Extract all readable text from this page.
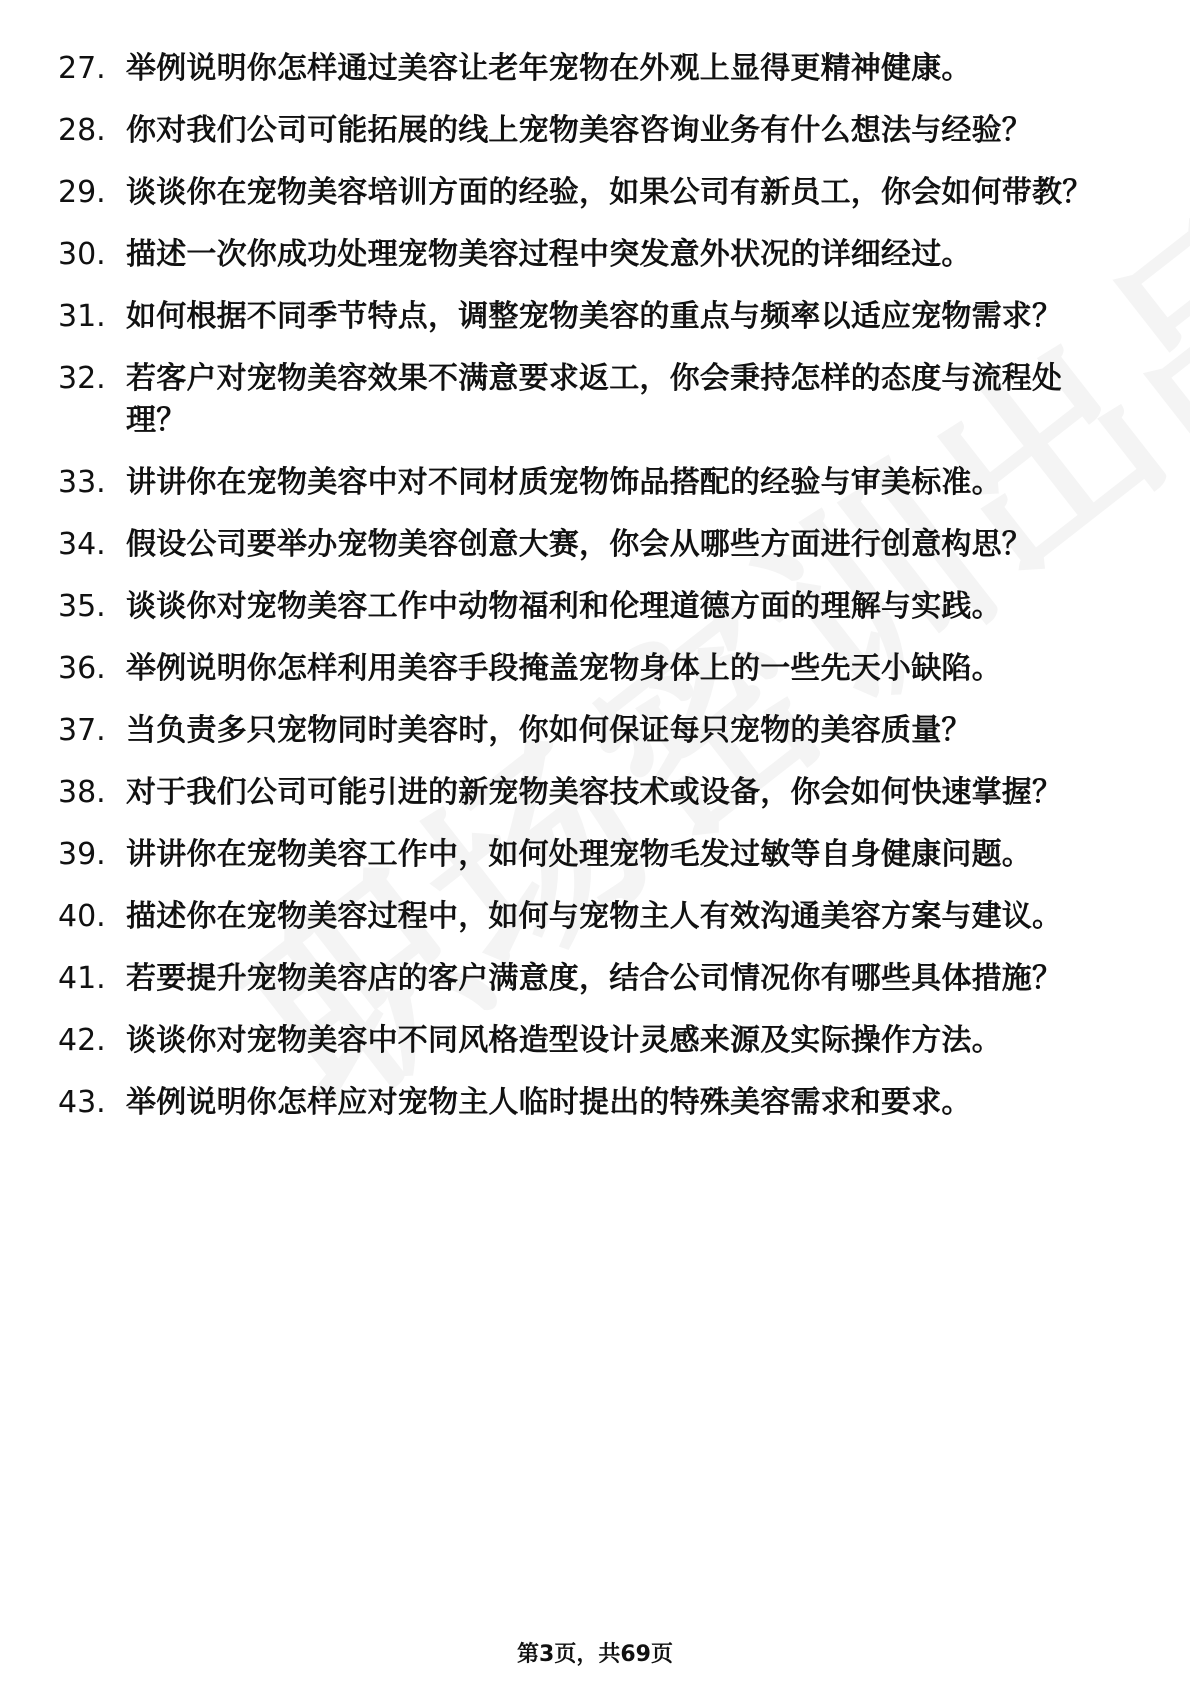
27. 举例说明你怎样通过美容让老年宠物在外观上显得更精神健康。
28. 你对我们公司可能拓展的线上宠物美容咨询业务有什么想法与经验？
29. 谈谈你在宠物美容培训方面的经验，如果公司有新员工，你会如何带教？
30. 描述一次你成功处理宠物美容过程中突发意外状况的详细经过。
31. 如何根据不同季节特点，调整宠物美容的重点与频率以适应宠物需求？
32. 若客户对宠物美容效果不满意要求返工，你会秉持怎样的态度与流程处理？
33. 讲讲你在宠物美容中对不同材质宠物饰品搭配的经验与审美标准。
34. 假设公司要举办宠物美容创意大赛，你会从哪些方面进行创意构思？
35. 谈谈你对宠物美容工作中动物福利和伦理道德方面的理解与实践。
36. 举例说明你怎样利用美容手段掩盖宠物身体上的一些先天小缺陷。
37. 当负责多只宠物同时美容时，你如何保证每只宠物的美容质量？
38. 对于我们公司可能引进的新宠物美容技术或设备，你会如何快速掌握？
39. 讲讲你在宠物美容工作中，如何处理宠物毛发过敏等自身健康问题。
40. 描述你在宠物美容过程中，如何与宠物主人有效沟通美容方案与建议。
41. 若要提升宠物美容店的客户满意度，结合公司情况你有哪些具体措施？
42. 谈谈你对宠物美容中不同风格造型设计灵感来源及实际操作方法。
43. 举例说明你怎样应对宠物主人临时提出的特殊美容需求和要求。
第3页，共69页
